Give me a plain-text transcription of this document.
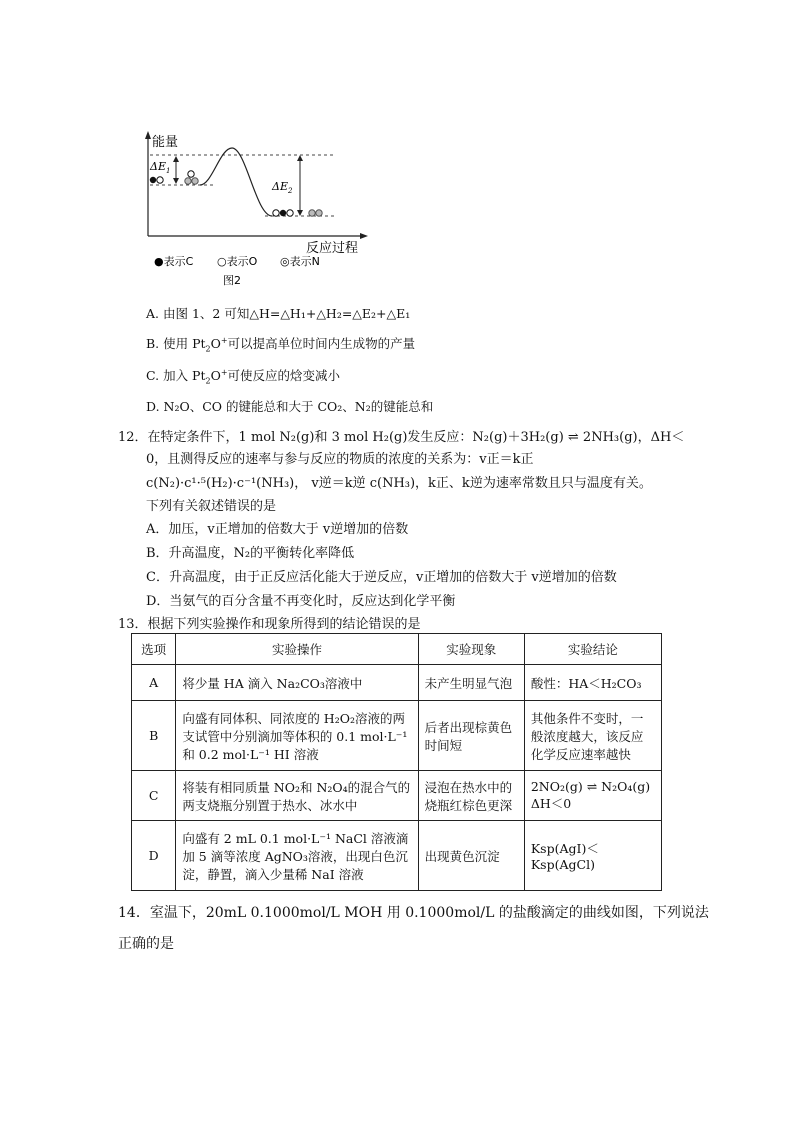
能量
$\Delta E_1$
$\Delta E_2$
反应过程
●表示C ○表示O ◎表示N
图2
A. 由图 1、2 可知△H=△H₁+△H₂=△E₂+△E₁
B. 使用 $Pt_2O^+$可以提高单位时间内生成物的产量
C. 加入 $Pt_2O^+$可使反应的焓变减小
D. N₂O、CO 的键能总和大于 CO₂、N₂的键能总和
12．在特定条件下，1 mol N₂(g)和 3 mol H₂(g)发生反应：N₂(g)＋3H₂(g) ⇌ 2NH₃(g)，ΔH＜
0，且测得反应的速率与参与反应的物质的浓度的关系为：v正＝k正
c(N₂)·c¹·⁵(H₂)·c⁻¹(NH₃)， v逆＝k逆 c(NH₃)，k正、k逆为速率常数且只与温度有关。
下列有关叙述错误的是
A．加压，v正增加的倍数大于 v逆增加的倍数
B．升高温度，N₂的平衡转化率降低
C．升高温度，由于正反应活化能大于逆反应，v正增加的倍数大于 v逆增加的倍数
D．当氨气的百分含量不再变化时，反应达到化学平衡
13．根据下列实验操作和现象所得到的结论错误的是
选项	实验操作	实验现象	实验结论
A	将少量 HA 滴入 Na₂CO₃溶液中	未产生明显气泡	酸性：HA＜H₂CO₃
B	向盛有同体积、同浓度的 H₂O₂溶液的两支试管中分别滴加等体积的 0.1 mol·L⁻¹和 0.2 mol·L⁻¹ HI 溶液	后者出现棕黄色时间短	其他条件不变时，一般浓度越大，该反应化学反应速率越快
C	将装有相同质量 NO₂和 N₂O₄的混合气的两支烧瓶分别置于热水、冰水中	浸泡在热水中的烧瓶红棕色更深	2NO₂(g) ⇌ N₂O₄(g) ΔH＜0
D	向盛有 2 mL 0.1 mol·L⁻¹ NaCl 溶液滴加 5 滴等浓度 AgNO₃溶液，出现白色沉淀，静置，滴入少量稀 NaI 溶液	出现黄色沉淀	Ksp(AgI)＜Ksp(AgCl)
14．室温下，20mL 0.1000mol/L MOH 用 0.1000mol/L 的盐酸滴定的曲线如图，下列说法
正确的是
